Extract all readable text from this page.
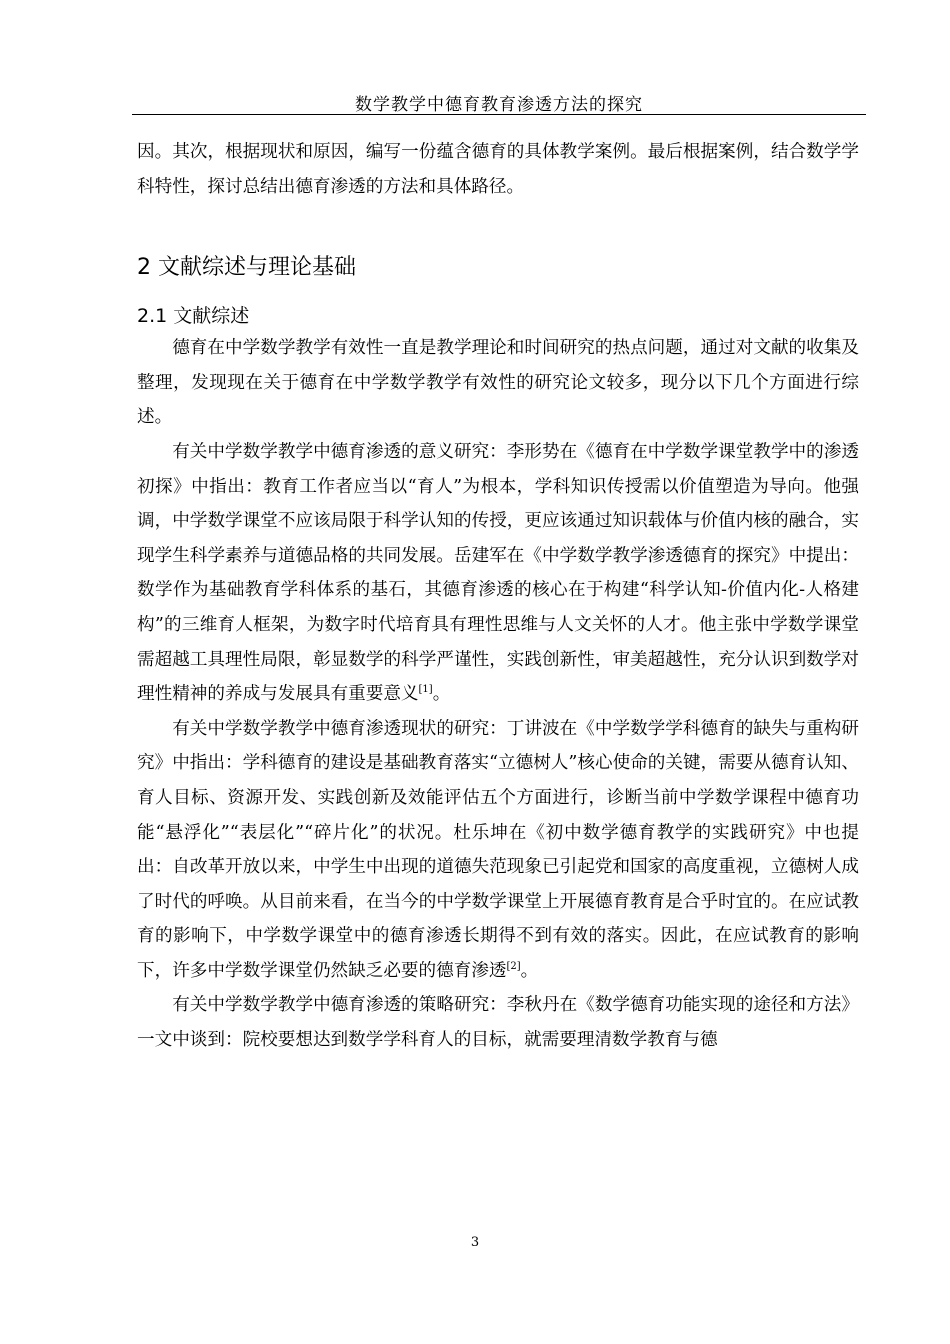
数学教学中德育教育渗透方法的探究

因。其次，根据现状和原因，编写一份蕴含德育的具体教学案例。最后根据案例，结合数学学科特性，探讨总结出德育渗透的方法和具体路径。

2 文献综述与理论基础
2.1 文献综述

德育在中学数学教学有效性一直是教学理论和时间研究的热点问题，通过对文献的收集及整理，发现现在关于德育在中学数学教学有效性的研究论文较多，现分以下几个方面进行综述。

有关中学数学教学中德育渗透的意义研究：李形势在《德育在中学数学课堂教学中的渗透初探》中指出：教育工作者应当以“育人”为根本，学科知识传授需以价值塑造为导向。他强调，中学数学课堂不应该局限于科学认知的传授，更应该通过知识载体与价值内核的融合，实现学生科学素养与道德品格的共同发展。岳建军在《中学数学教学渗透德育的探究》中提出：数学作为基础教育学科体系的基石，其德育渗透的核心在于构建“科学认知-价值内化-人格建构”的三维育人框架，为数字时代培育具有理性思维与人文关怀的人才。他主张中学数学课堂需超越工具理性局限，彰显数学的科学严谨性，实践创新性，审美超越性，充分认识到数学对理性精神的养成与发展具有重要意义[1]。

有关中学数学教学中德育渗透现状的研究：丁讲波在《中学数学学科德育的缺失与重构研究》中指出：学科德育的建设是基础教育落实“立德树人”核心使命的关键，需要从德育认知、育人目标、资源开发、实践创新及效能评估五个方面进行，诊断当前中学数学课程中德育功能“悬浮化”“表层化”“碎片化”的状况。杜乐坤在《初中数学德育教学的实践研究》中也提出：自改革开放以来，中学生中出现的道德失范现象已引起党和国家的高度重视，立德树人成了时代的呼唤。从目前来看，在当今的中学数学课堂上开展德育教育是合乎时宜的。在应试教育的影响下，中学数学课堂中的德育渗透长期得不到有效的落实。因此，在应试教育的影响下，许多中学数学课堂仍然缺乏必要的德育渗透[2]。

有关中学数学教学中德育渗透的策略研究：李秋丹在《数学德育功能实现的途径和方法》一文中谈到：院校要想达到数学学科育人的目标，就需要理清数学教育与德

3
